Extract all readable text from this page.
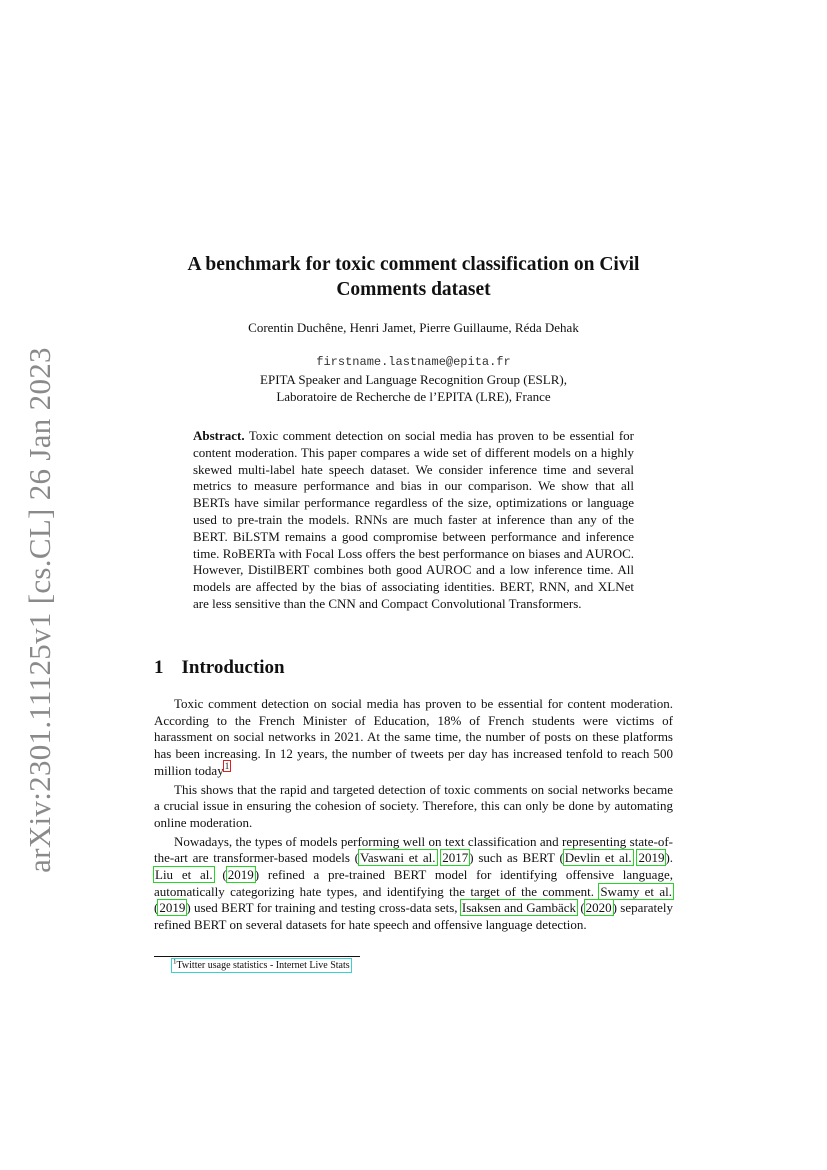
arXiv:2301.11125v1 [cs.CL] 26 Jan 2023
A benchmark for toxic comment classification on Civil
Comments dataset
Corentin Duchêne, Henri Jamet, Pierre Guillaume, Réda Dehak
firstname.lastname@epita.fr
EPITA Speaker and Language Recognition Group (ESLR),
Laboratoire de Recherche de l’EPITA (LRE), France

Abstract. Toxic comment detection on social media has proven to be essential for content moderation. This paper compares a wide set of different models on a highly skewed multi-label hate speech dataset. We consider inference time and several metrics to measure performance and bias in our comparison. We show that all BERTs have similar performance regardless of the size, optimizations or language used to pre-train the models. RNNs are much faster at inference than any of the BERT. BiLSTM remains a good compromise between performance and inference time. RoBERTa with Focal Loss offers the best performance on biases and AUROC. However, DistilBERT combines both good AUROC and a low inference time. All models are affected by the bias of associating identities. BERT, RNN, and XLNet are less sensitive than the CNN and Compact Convolutional Transformers.

1 Introduction

Toxic comment detection on social media has proven to be essential for content moderation. According to the French Minister of Education, 18% of French students were victims of harassment on social networks in 2021. At the same time, the number of posts on these platforms has been increasing. In 12 years, the number of tweets per day has increased tenfold to reach 500 million today$^1$

This shows that the rapid and targeted detection of toxic comments on social networks became a crucial issue in ensuring the cohesion of society. Therefore, this can only be done by automating online moderation.

Nowadays, the types of models performing well on text classification and representing state-of-the-art are transformer-based models (Vaswani et al. 2017) such as BERT (Devlin et al. 2019). Liu et al. (2019) refined a pre-trained BERT model for identifying offensive language, automatically categorizing hate types, and identifying the target of the comment. Swamy et al. (2019) used BERT for training and testing cross-data sets, Isaksen and Gambäck (2020) separately refined BERT on several datasets for hate speech and offensive language detection.

$^1$Twitter usage statistics - Internet Live Stats
